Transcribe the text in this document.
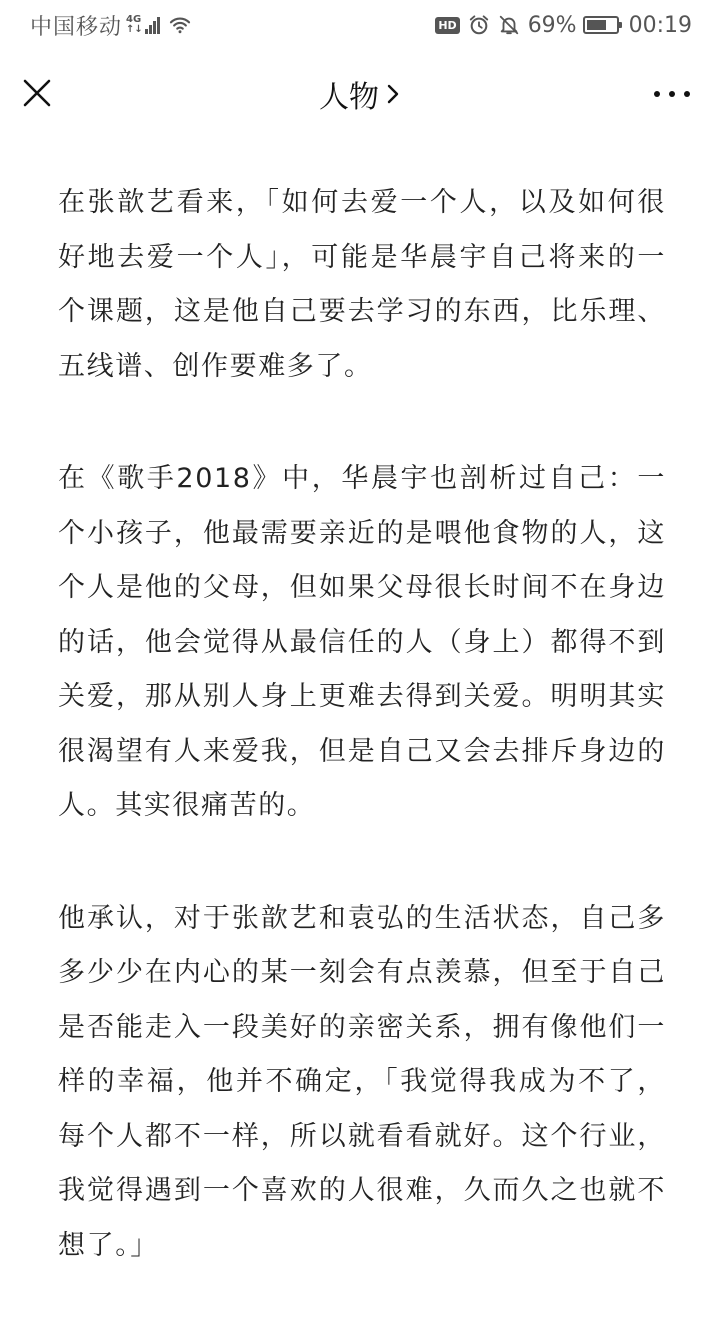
中国移动 4G
↑↓	HD	69% 00:19
人物

在张歆艺看来，「如何去爱一个人，以及如何很好地去爱一个人」，可能是华晨宇自己将来的一个课题，这是他自己要去学习的东西，比乐理、五线谱、创作要难多了。

在《歌手2018》中，华晨宇也剖析过自己：一个小孩子，他最需要亲近的是喂他食物的人，这个人是他的父母，但如果父母很长时间不在身边的话，他会觉得从最信任的人（身上）都得不到关爱，那从别人身上更难去得到关爱。明明其实很渴望有人来爱我，但是自己又会去排斥身边的人。其实很痛苦的。

他承认，对于张歆艺和袁弘的生活状态，自己多多少少在内心的某一刻会有点羡慕，但至于自己是否能走入一段美好的亲密关系，拥有像他们一样的幸福，他并不确定，「我觉得我成为不了，每个人都不一样，所以就看看就好。这个行业，我觉得遇到一个喜欢的人很难，久而久之也就不想了。」
